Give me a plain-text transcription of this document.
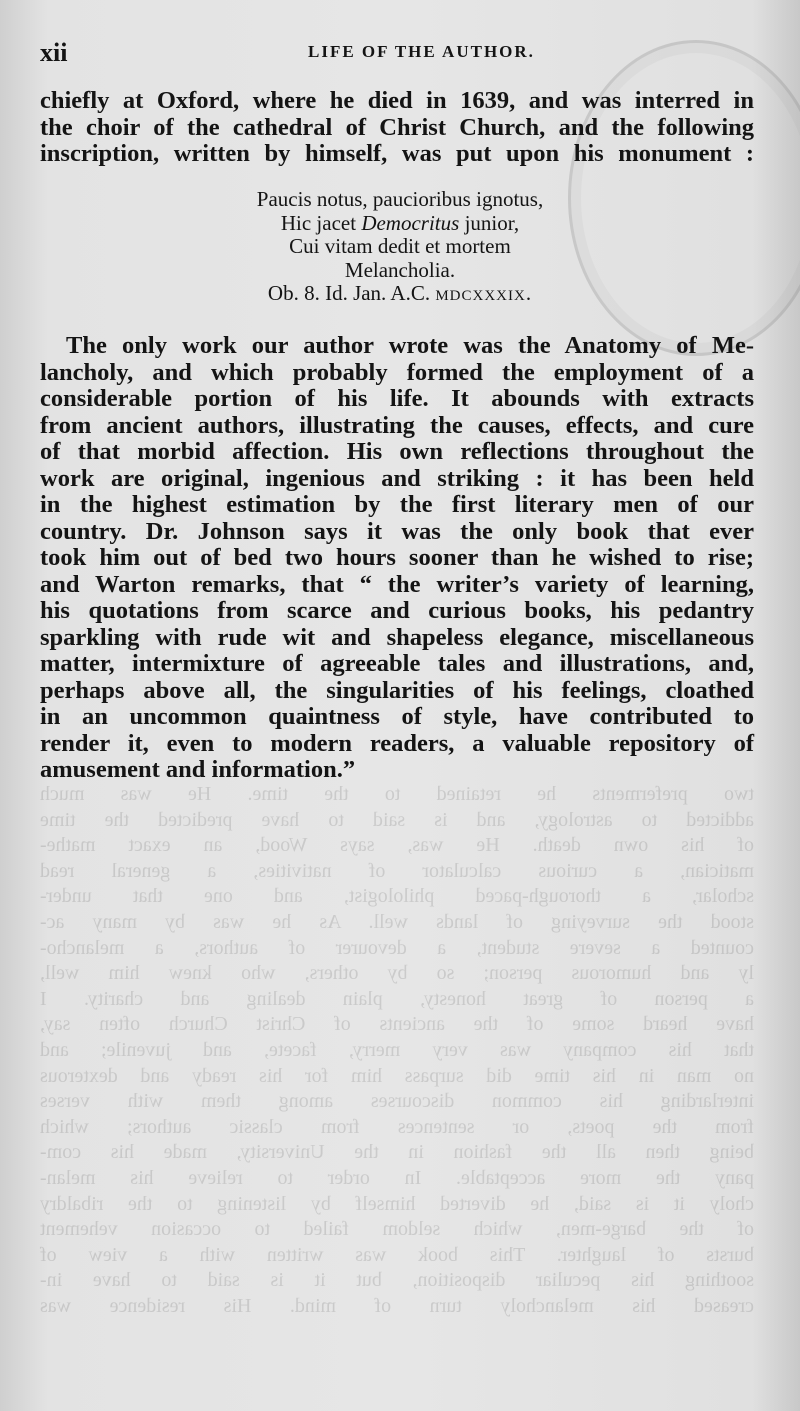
two preferments he retained to the time. He was much
addicted to astrology, and is said to have predicted the time
of his own death. He was, says Wood, an exact mathe-
matician, a curious calculator of nativities, a general read
scholar, a thorough-paced philologist, and one that under-
stood the surveying of lands well. As he was by many ac-
counted a severe student, a devourer of authors, a melancho-
ly and humorous person; so by others, who knew him well,
a person of great honesty, plain dealing and charity. I
have heard some of the ancients of Christ Church often say,
that his company was very merry, facete, and juvenile; and
no man in his time did surpass him for his ready and dexterous
interlarding his common discourses among them with verses
from the poets, or sentences from classic authors; which
being then all the fashion in the University, made his com-
pany the more acceptable. In order to relieve his melan-
choly it is said, he diverted himself by listening to the ribaldry
of the barge-men, which seldom failed to occasion vehement
bursts of laughter. This book was written with a view of
soothing his peculiar disposition, but it is said to have in-
creased his melancholy turn of mind. His residence was
xii	LIFE OF THE AUTHOR.
chiefly at Oxford, where he died in 1639, and was interred in
the choir of the cathedral of Christ Church, and the following
inscription, written by himself, was put upon his monument :
Paucis notus, paucioribus ignotus,
Hic jacet Democritus junior,
Cui vitam dedit et mortem
Melancholia.
Ob. 8. Id. Jan. A.C. mdcxxxix.
The only work our author wrote was the Anatomy of Me-
lancholy, and which probably formed the employment of a
considerable portion of his life. It abounds with extracts
from ancient authors, illustrating the causes, effects, and cure
of that morbid affection. His own reflections throughout the
work are original, ingenious and striking : it has been held
in the highest estimation by the first literary men of our
country. Dr. Johnson says it was the only book that ever
took him out of bed two hours sooner than he wished to rise;
and Warton remarks, that “ the writer’s variety of learning,
his quotations from scarce and curious books, his pedantry
sparkling with rude wit and shapeless elegance, miscellaneous
matter, intermixture of agreeable tales and illustrations, and,
perhaps above all, the singularities of his feelings, cloathed
in an uncommon quaintness of style, have contributed to
render it, even to modern readers, a valuable repository of
amusement and information.”
